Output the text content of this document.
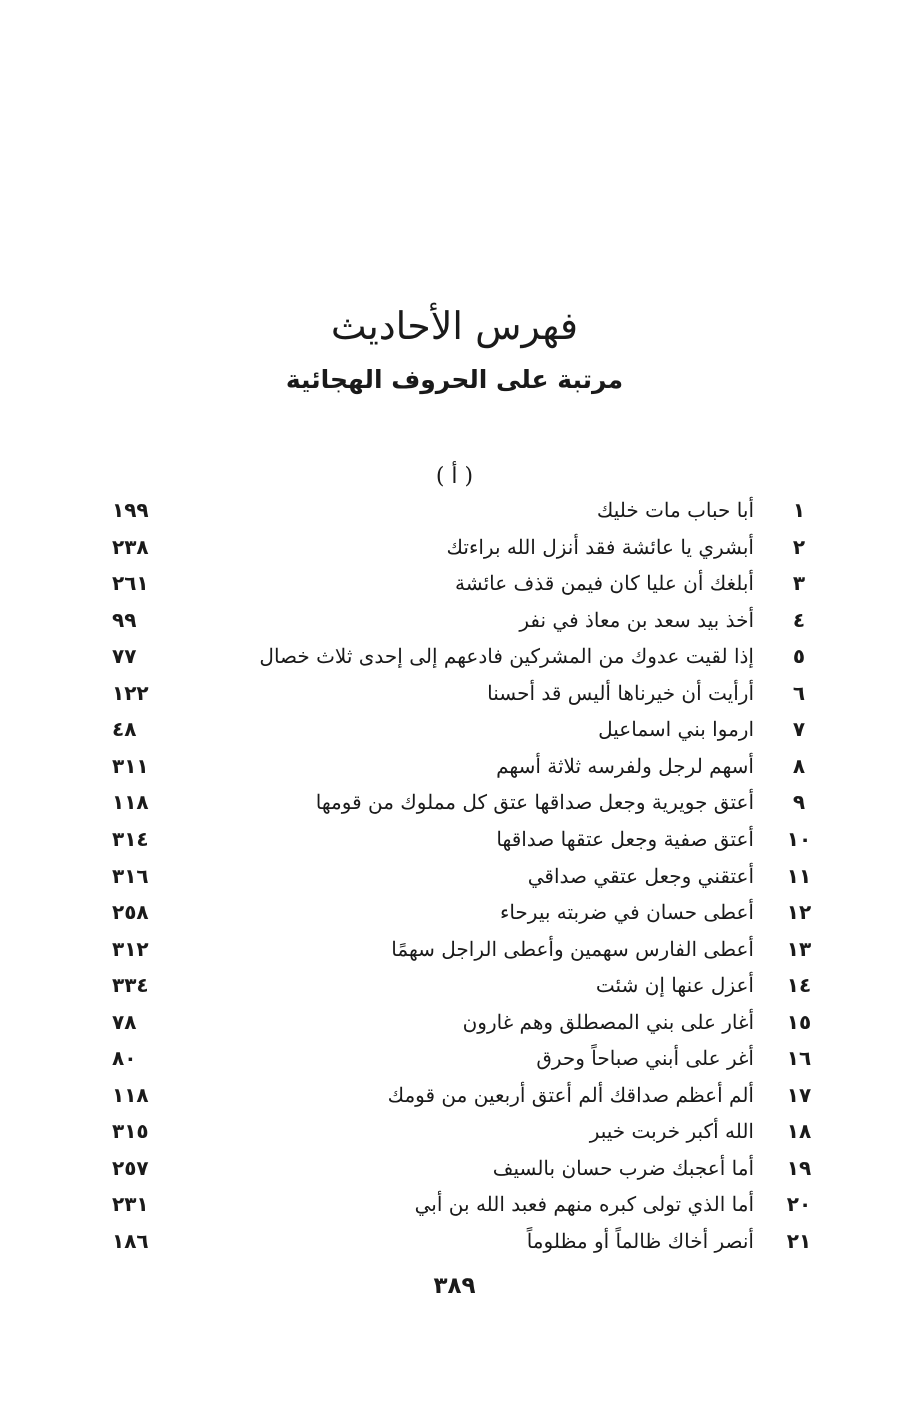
فهرس الأحاديث
مرتبة على الحروف الهجائية
( أ )
١
أبا حباب مات خليك
١٩٩
٢
أبشري يا عائشة فقد أنزل الله براءتك
٢٣٨
٣
أبلغك أن عليا كان فيمن قذف عائشة
٢٦١
٤
أخذ بيد سعد بن معاذ في نفر
٩٩
٥
إذا لقيت عدوك من المشركين فادعهم إلى إحدى ثلاث خصال
٧٧
٦
أرأيت أن خيرناها أليس قد أحسنا
١٢٢
٧
ارموا بني اسماعيل
٤٨
٨
أسهم لرجل ولفرسه ثلاثة أسهم
٣١١
٩
أعتق جويرية وجعل صداقها عتق كل مملوك من قومها
١١٨
١٠
أعتق صفية وجعل عتقها صداقها
٣١٤
١١
أعتقني وجعل عتقي صداقي
٣١٦
١٢
أعطى حسان في ضربته بيرحاء
٢٥٨
١٣
أعطى الفارس سهمين وأعطى الراجل سهمًا
٣١٢
١٤
أعزل عنها إن شئت
٣٣٤
١٥
أغار على بني المصطلق وهم غارون
٧٨
١٦
أغر على أبني صباحاً وحرق
٨٠
١٧
ألم أعظم صداقك ألم أعتق أربعين من قومك
١١٨
١٨
الله أكبر خربت خيبر
٣١٥
١٩
أما أعجبك ضرب حسان بالسيف
٢٥٧
٢٠
أما الذي تولى كبره منهم فعبد الله بن أبي
٢٣١
٢١
أنصر أخاك ظالماً أو مظلوماً
١٨٦
٣٨٩
